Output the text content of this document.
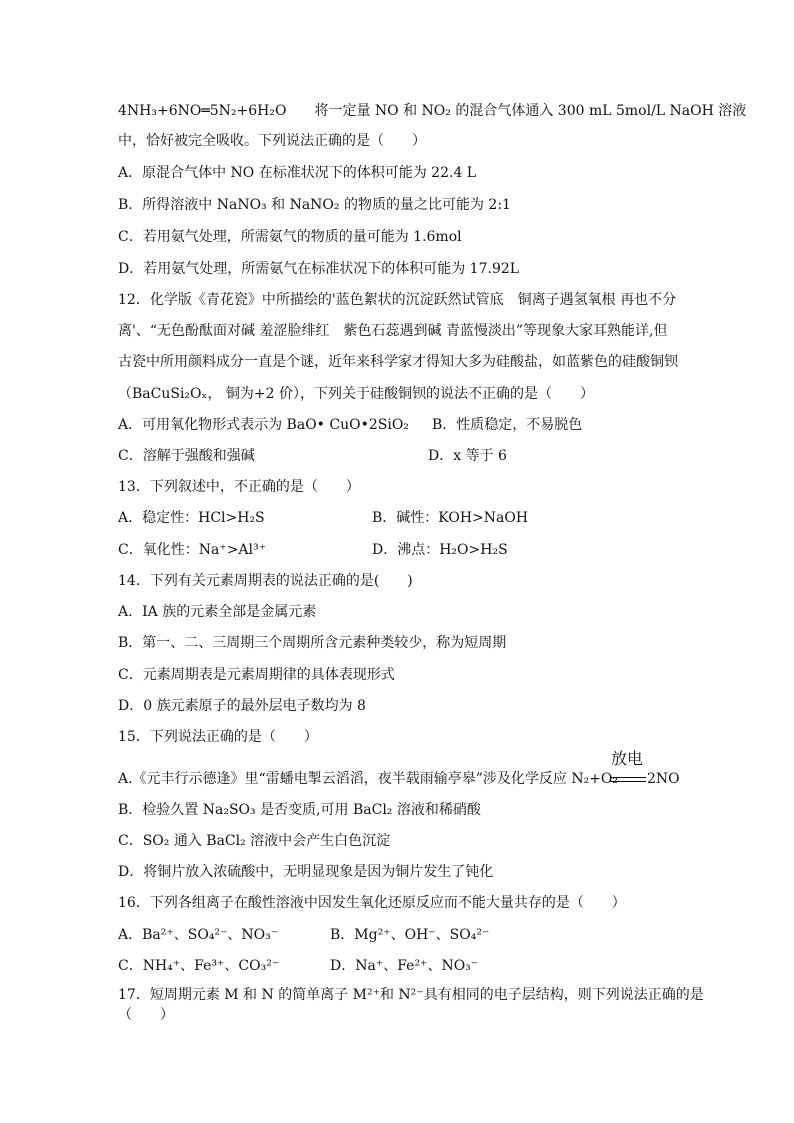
4NH₃+6NO═5N₂+6H₂O　　将一定量 NO 和 NO₂ 的混合气体通入 300 mL 5mol/L NaOH 溶液
中，恰好被完全吸收。下列说法正确的是（　　）
A．原混合气体中 NO 在标准状况下的体积可能为 22.4 L
B．所得溶液中 NaNO₃ 和 NaNO₂ 的物质的量之比可能为 2:1
C．若用氨气处理，所需氨气的物质的量可能为 1.6mol
D．若用氨气处理，所需氨气在标准状况下的体积可能为 17.92L
12．化学版《青花瓷》中所描绘的'蓝色絮状的沉淀跃然试管底　铜离子遇氢氧根 再也不分
离'、“无色酚酞面对碱 羞涩脸绯红　紫色石蕊遇到碱 青蓝慢淡出”等现象大家耳熟能详,但
古瓷中所用颜料成分一直是个谜，近年来科学家才得知大多为硅酸盐，如蓝紫色的硅酸铜钡
（BaCuSi₂Oₓ， 铜为+2 价），下列关于硅酸铜钡的说法不正确的是（　　）
A．可用氧化物形式表示为 BaO• CuO•2SiO₂	B．性质稳定，不易脱色
C．溶解于强酸和强碱	D．x 等于 6
13．下列叙述中，不正确的是（　　）
A．稳定性：HCl>H₂S	B．碱性：KOH>NaOH
C．氧化性：Na⁺>Al³⁺	D．沸点：H₂O>H₂S
14．下列有关元素周期表的说法正确的是(　　)
A．IA 族的元素全部是金属元素
B．第一、二、三周期三个周期所含元素种类较少，称为短周期
C．元素周期表是元素周期律的具体表现形式
D．0 族元素原子的最外层电子数均为 8
15．下列说法正确的是（　　）
A.《元丰行示德逢》里“雷蟠电掣云滔滔，夜半载雨输亭皋”涉及化学反应 N₂+O₂
放电
2NO
B．检验久置 Na₂SO₃ 是否变质,可用 BaCl₂ 溶液和稀硝酸
C．SO₂ 通入 BaCl₂ 溶液中会产生白色沉淀
D．将铜片放入浓硫酸中，无明显现象是因为铜片发生了钝化
16．下列各组离子在酸性溶液中因发生氧化还原反应而不能大量共存的是（　　）
A．Ba²⁺、SO₄²⁻、NO₃⁻	B．Mg²⁺、OH⁻、SO₄²⁻
C．NH₄⁺、Fe³⁺、CO₃²⁻	D．Na⁺、Fe²⁺、NO₃⁻
17．短周期元素 M 和 N 的简单离子 M²⁺和 N²⁻具有相同的电子层结构，则下列说法正确的是
（　　）
